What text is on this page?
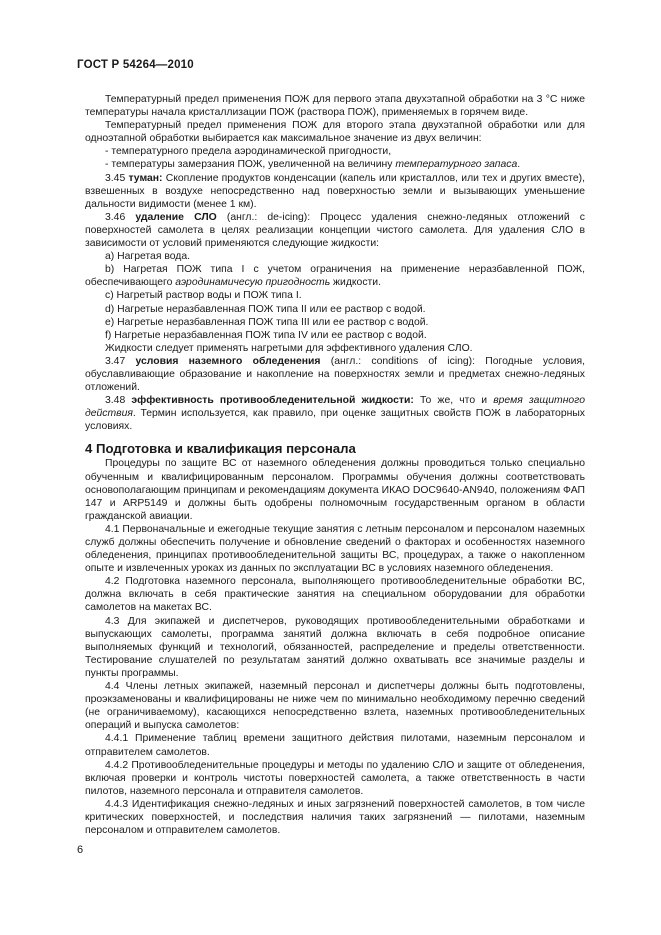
ГОСТ Р 54264—2010

Температурный предел применения ПОЖ для первого этапа двухэтапной обработки на 3 °С ниже температуры начала кристаллизации ПОЖ (раствора ПОЖ), применяемых в горячем виде.

Температурный предел применения ПОЖ для второго этапа двухэтапной обработки или для одноэтапной обработки выбирается как максимальное значение из двух величин:

- температурного предела аэродинамической пригодности,

- температуры замерзания ПОЖ, увеличенной на величину температурного запаса.

3.45 туман: Скопление продуктов конденсации (капель или кристаллов, или тех и других вместе), взвешенных в воздухе непосредственно над поверхностью земли и вызывающих уменьшение дальности видимости (менее 1 км).

3.46 удаление СЛО (англ.: de-icing): Процесс удаления снежно-ледяных отложений с поверхностей самолета в целях реализации концепции чистого самолета. Для удаления СЛО в зависимости от условий применяются следующие жидкости:

a) Нагретая вода.

b) Нагретая ПОЖ типа I с учетом ограничения на применение неразбавленной ПОЖ, обеспечивающего аэродинамичесую пригодность жидкости.

c) Нагретый раствор воды и ПОЖ типа I.

d) Нагретые неразбавленная ПОЖ типа II или ее раствор с водой.

e) Нагретые неразбавленная ПОЖ типа III или ее раствор с водой.

f) Нагретые неразбавленная ПОЖ типа IV или ее раствор с водой.

Жидкости следует применять нагретыми для эффективного удаления СЛО.

3.47 условия наземного обледенения (англ.: conditions of icing): Погодные условия, обуславливающие образование и накопление на поверхностях земли и предметах снежно-ледяных отложений.

3.48 эффективность противообледенительной жидкости: То же, что и время защитного действия. Термин используется, как правило, при оценке защитных свойств ПОЖ в лабораторных условиях.

4 Подготовка и квалификация персонала

Процедуры по защите ВС от наземного обледенения должны проводиться только специально обученным и квалифицированным персоналом. Программы обучения должны соответствовать основополагающим принципам и рекомендациям документа ИКАО DOC9640-AN940, положениям ФАП 147 и ARP5149 и должны быть одобрены полномочным государственным органом в области гражданской авиации.

4.1 Первоначальные и ежегодные текущие занятия с летным персоналом и персоналом наземных служб должны обеспечить получение и обновление сведений о факторах и особенностях наземного обледенения, принципах противообледенительной защиты ВС, процедурах, а также о накопленном опыте и извлеченных уроках из данных по эксплуатации ВС в условиях наземного обледенения.

4.2 Подготовка наземного персонала, выполняющего противообледенительные обработки ВС, должна включать в себя практические занятия на специальном оборудовании для обработки самолетов на макетах ВС.

4.3 Для экипажей и диспетчеров, руководящих противообледенительными обработками и выпускающих самолеты, программа занятий должна включать в себя подробное описание выполняемых функций и технологий, обязанностей, распределение и пределы ответственности. Тестирование слушателей по результатам занятий должно охватывать все значимые разделы и пункты программы.

4.4 Члены летных экипажей, наземный персонал и диспетчеры должны быть подготовлены, проэкзаменованы и квалифицированы не ниже чем по минимально необходимому перечню сведений (не ограничиваемому), касающихся непосредственно взлета, наземных противообледенительных операций и выпуска самолетов:

4.4.1 Применение таблиц времени защитного действия пилотами, наземным персоналом и отправителем самолетов.

4.4.2 Противообледенительные процедуры и методы по удалению СЛО и защите от обледенения, включая проверки и контроль чистоты поверхностей самолета, а также ответственность в части пилотов, наземного персонала и отправителя самолетов.

4.4.3 Идентификация снежно-ледяных и иных загрязнений поверхностей самолетов, в том числе критических поверхностей, и последствия наличия таких загрязнений — пилотами, наземным персоналом и отправителем самолетов.

6
